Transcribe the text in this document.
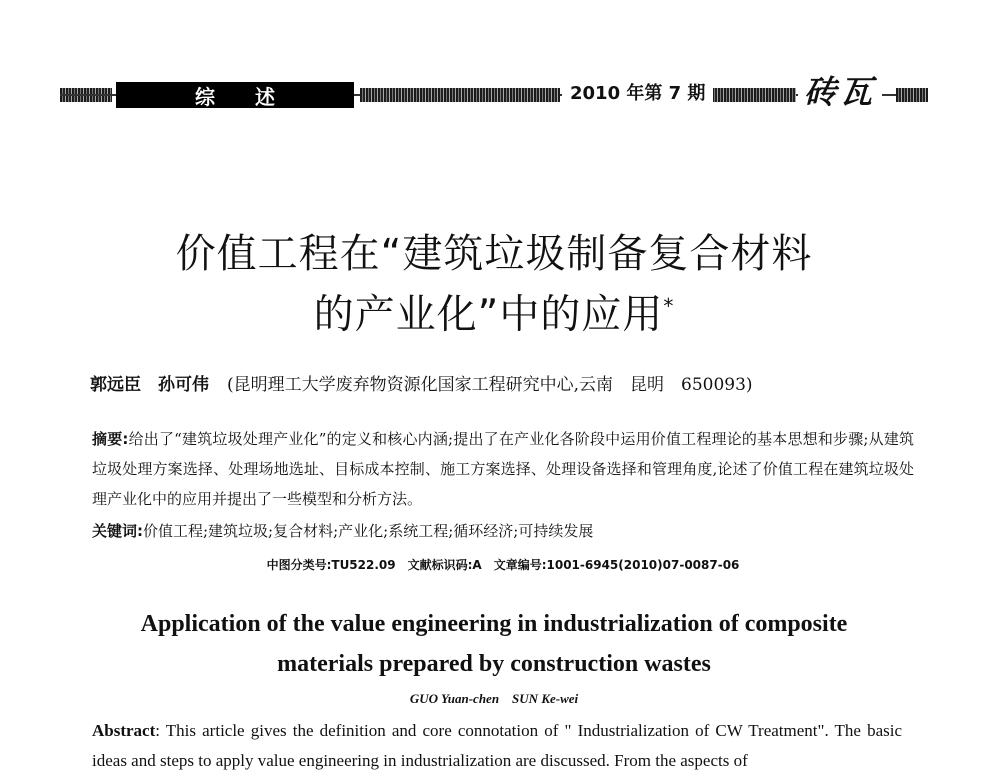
综　　述	2010 年第 7 期	砖瓦
价值工程在“建筑垃圾制备复合材料
的产业化”中的应用*
郭远臣　孙可伟 (昆明理工大学废弃物资源化国家工程研究中心,云南　昆明　650093)
摘要:给出了“建筑垃圾处理产业化”的定义和核心内涵;提出了在产业化各阶段中运用价值工程理论的基本思想和步骤;从建筑垃圾处理方案选择、处理场地选址、目标成本控制、施工方案选择、处理设备选择和管理角度,论述了价值工程在建筑垃圾处理产业化中的应用并提出了一些模型和分析方法。
关键词:价值工程;建筑垃圾;复合材料;产业化;系统工程;循环经济;可持续发展
中图分类号:TU522.09　文献标识码:A　文章编号:1001-6945(2010)07-0087-06
Application of the value engineering in industrialization of composite
materials prepared by construction wastes
GUO Yuan-chen　SUN Ke-wei
Abstract: This article gives the definition and core connotation of " Industrialization of CW Treatment". The basic ideas and steps to apply value engineering in industrialization are discussed. From the aspects of
